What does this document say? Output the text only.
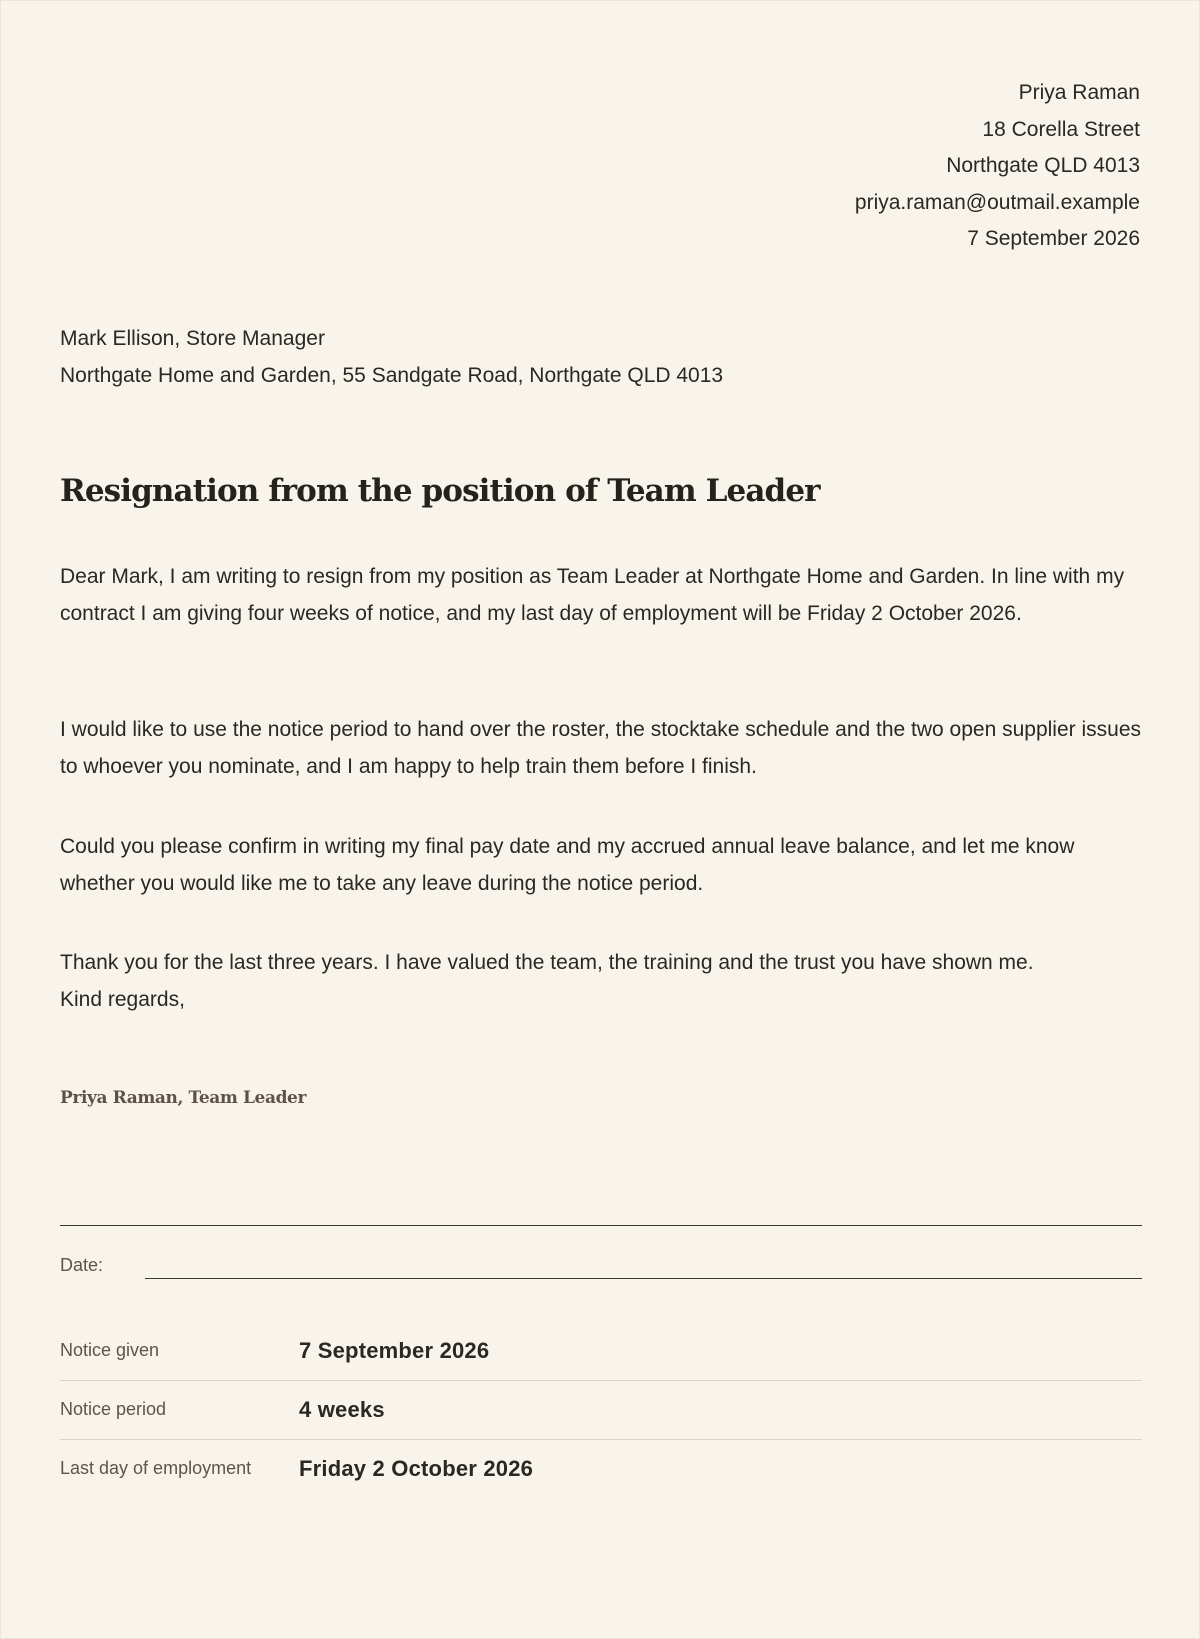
Priya Raman
18 Corella Street
Northgate QLD 4013
priya.raman@outmail.example
7 September 2026
Mark Ellison, Store Manager
Northgate Home and Garden, 55 Sandgate Road, Northgate QLD 4013
Resignation from the position of Team Leader

Dear Mark, I am writing to resign from my position as Team Leader at Northgate Home and Garden. In line with my contract I am giving four weeks of notice, and my last day of employment will be Friday 2 October 2026.

I would like to use the notice period to hand over the roster, the stocktake schedule and the two open supplier issues to whoever you nominate, and I am happy to help train them before I finish.

Could you please confirm in writing my final pay date and my accrued annual leave balance, and let me know whether you would like me to take any leave during the notice period.

Thank you for the last three years. I have valued the team, the training and the trust you have shown me.
Kind regards,
Priya Raman, Team Leader
Date:
Notice given	7 September 2026
Notice period	4 weeks
Last day of employment Friday 2 October 2026
